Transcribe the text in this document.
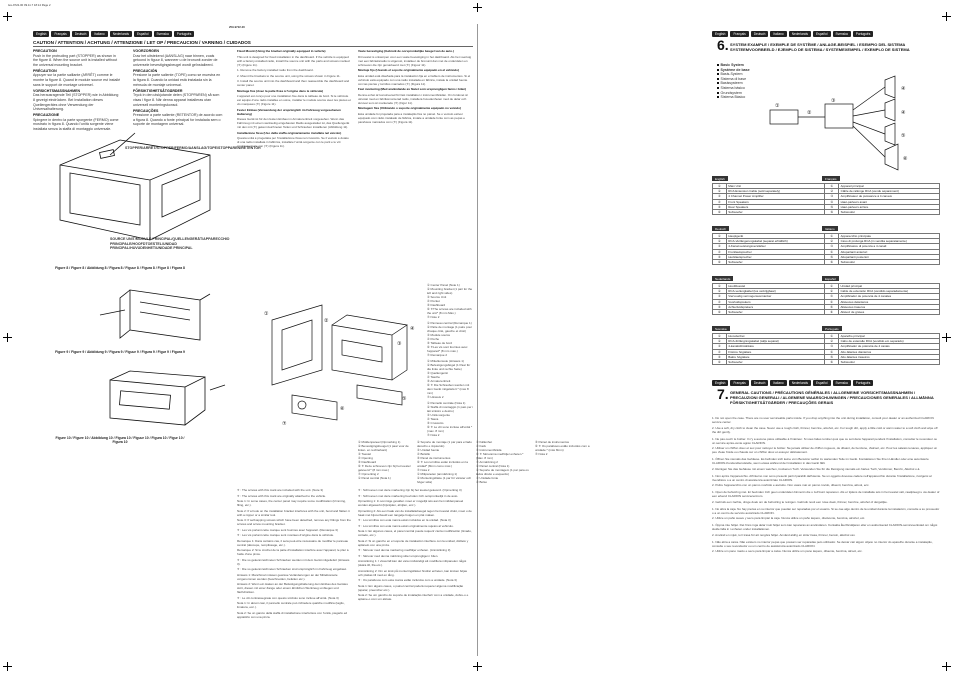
iwx-9722-00 09.11.7 18:14 Page 2
259-9722-00
English	Français	Deutsch	Italiano	Nederlands	Español	Svenska	Português
CAUTION / ATTENTION / ACHTUNG / ATTENZIONE / LET OP / PRECAUCION / VARNING / CUIDADOS

PRECAUTION
Push in the protruding part (STOPPER) as shown in the figure 8. When the source unit is installed without the universal mounting bracket.

PRÉCAUTION
Appuyer sur la partie saillante (ARRÊT) comme le montre la figure 8. Quand le module source est installé sans le support de montage universel.

VORSICHTSMASSNAHMEN
Das herausragende Teil (STOPPER) wie in Abbildung 8 gezeigt eindrücken. Bei Installation dieses Quellengerätes ohne Verwendung der Universalhalterung.

PRECAUZIONE
Spingere in dentro la parte sporgente (FERMO) come mostrato in figura 8. Quando l'unità sorgente viene installata senza la staffa di montaggio universale.

VOORZORGEN
Duw het uitstekend (AANSLAG) naar binnen, zoals getoond in figuur 8, wanneer u de bronunit zonder de universele bevestigingsbeugel wordt geïnstalleerd.

PRECAUCIÓN
Presione la parte saliente (TOPE) como se muestra en la figura 8. Cuando la unidad está instalada sin la ménsula de montaje universal.

FÖRSIKTIGHETSÅTGÄRDER
Tryck in den utskjutande delen (STOPPAREN) så som visas i figur 8. När denna apparat installeras utan universell monteringskonsol.

PRECAUÇÕES
Pressione a parte saliente (RETENTOR) de acordo com a figura 8. Quando a fonte principal for instalada sem o suporte de montagem universal.

STOPPER/ARRÊT/STOPPER/FERMO/AANSLAG/TOPE/STOPPAREN/RETENTOR
SOURCE UNIT/MODULE PRINCIPAL/QUELLENGERÄT/APPARECCHIO PRINCIPALE/HOOFDTOESTEL/UNIDAD PRINCIPAL/HUVUDENHET/UNIDADE PRINCIPAL
Figure 8 / Figure 8 / Abbildung 8 / Figura 8 / Figuur 8 / Figura 8 / Figur 8 / Figura 8
Figure 9 / Figure 9 / Abbildung 9 / Figura 9 / Figuur 9 / Figura 9 / Figur 9 / Figura 9
Figure 10 / Figure 10 / Abbildung 10 / Figura 10 / Figuur 10 / Figura 10 / Figur 10 / Figura 10

Fixed Mount (Using the bracket originally equipped in vehicle)

This unit is designed for fixed installation in the dashboard. If the vehicle is equipped with a factory-installed radio, install the source unit with the parts and screws marked (✳) (Figure 11).

1. Remove the factory-installed radio from the dashboard.

2. Mount the brackets to the source unit, using the screws shown in Figure 11.

3. Install the source unit into the dashboard and then reassemble the dashboard and center panel.

Montage fixe (Avec la patte fixée à l'origine dans le véhicule)

L'appareil est conçu pour une installation fixe dans le tableau de bord. Si le véhicule est équipé d'une radio installée en usine, installer le module source avec les pièces et vis marquées (✳) (Figure 11).

Fester Einbau (Verwendung der ursprünglich im Fahrzeug vorgesehenen Halterung)

Dieses Gerät ist für den festen Einbau im Armaturenbrett vorgesehen. Wenn das Fahrzeug mit einem werkseitig eingebauten Radio ausgestattet ist, das Quellengerät mit den mit (✳) gekennzeichneten Teilen und Schrauben installieren (Abbildung 11).

Installazione fissa (Uso della staffa originariamente installata nel veicolo)

Questa unità è progettata per l'installazione fissa nel cruscotto. Se il veicolo è dotato di una radio installata in fabbrica, installare l'unità sorgente con le parti e le viti contrassegnate con (✳) (Figura 11).

Vaste bevestiging (Gebruik de oorspronkelijke beugel van de auto.)

Dit toestel is ontworpen voor een vaste bevestiging in het dashboard. Als het voertuig met een fabrieksradio is uitgerust, installeer de bronunit dan met de onderdelen en schroeven die zijn gemarkeerd met (✳) (Figuur 11).

Montaje fijo (Usando el soporte originalmente equipado en el vehículo)

Esta unidad está diseñada para la instalación fija en el tablero de instrumentos. Si el vehículo está equipado con una radio instalada en fábrica, instale la unidad fuente con las piezas y tornillos marcados (✳) (Figura 11).

Fast montering (Med användande av fästet som ursprungligen fanns i bilen)

Denna enhet är konstruerad för fast installation i instrumentbrädan. Om fordonet är utrustat med en fabriksmonterad radio, installera huvudenheten med de delar och skruvar som är markerade (✳) (Figur 11).

Montagem fixa (Utilizando o suporte originalmente equipado no veículo)

Esta unidade foi projetada para a instalação fixa no painel. Se o veículo estiver equipado com rádio instalado de fábrica, instale a unidade fonte com as peças e parafusos marcados com (✳) (Figura 11).

①
②
③
④
⑤
⑥
⑦
① Center Panel (Note 1)
② Mounting bracket (1 pair for the left and right sides)
③ Source Unit
④ Pocket
⑤ Dashboard
⑥ ✳The screws are included with the unit* (8 mm Max.)
⑦ Note 2
① Panneau central (Remarque 1)
② Patte de montage (1 paire pour chaque côté, gauche et droit)
③ Module source
④ Poche
⑤ Tableau de bord
⑥ ✳Les vis sont fournies avec l'appareil* (8 mm max.)
⑦ Remarque 2
① Mittelkonsole (Hinweis 1)
② Befestigungsbügel (1 Paar für die linke und rechte Seite)
③ Quellengerät
④ Tasche
⑤ Armaturenbrett
⑥ ✳ Die Schrauben werden mit dem Gerät mitgeliefert.* (max 8 mm)
⑦ Hinweis 2
① Pannello centrale (Nota 1)
② Staffa di montaggio (1 paio per i lati sinistro e destro)
③ Unità sorgente
④ Tasca
⑤ Cruscotto
⑥ ✳ Le viti sono incluse all'unità * (max. 8 mm)
⑦ Nota 2

✳ : The screws with this mark are included with the unit. (Note 3)

✳ : The screws with this mark are originally attached to the vehicle.

Note 1: In some cases, the center panel may require some modification (trimming, filing, etc.).

Note 2: If a hook on the installation bracket interferes with the unit, bend and flatten it with a nipper or a similar tool.

Note 3: If self-tapping screws which have been detached, remove any fittings from the screws and screw mounting bracket.

✳ : Les vis portant cette marque sont fournies avec l'appareil. (Remarque 3)

✳ : Les vis portant cette marque sont montées d'origine dans le véhicule.

Remarque 1: Dans certains cas, il sera peut-être nécessaire de modifier le panneau central (découpe, remplissage, etc.).

Remarque 2: Si le crochet de la patte d'installation interfère avec l'appareil, le plier à l'aide d'une pince.

✳ : Die so gekennzeichneten Schrauben werden mit dem Gerät mitgeliefert (Hinweis 3).

✳ : Die so gekennzeichneten Schrauben sind ursprünglich im Fahrzeug eingebaut.

Hinweis 1: Manchmal müssen gewisse Veränderungen an der Mittelkonsole vorgenommen werden (beschneiden, befeilen etc.).

Hinweis 2: Wenn ein Haken an der Befestigungshalterung dem Einbau des Gerätes stört, diesen mit einer Zange oder einem ähnlichen Werkzeug umbiegen und flachdrücken.

✳ : Le viti contrassegnate con questo simbolo sono incluse all'unità. (Nota 3)

Nota 1: In alcuni casi, il pannello centrale può richiedere qualche modifica (taglio, limatura, ecc.).

Nota 2: Se un gancio della staffa di installazione interferisce con l'unità, piegarlo ed appiattirlo con una pinza.

✳ : Schroeven met deze markering zijn bij het toestel geleverd. (Opmerking 3)

✳ : Schroeven met deze markering bevinden zich oorspronkelijk in de auto.

Opmerking 1: In sommige gevallen moet er mogelijk iets aan het middenpaneel worden afgewerkt (bijsnijden, afvijlen, enz.).

Opmerking 2: Als een haak van de installatiebeugel tegen het toestel drukt, moet u de haak met bijvoorbeeld een tangetje buigen en plat maken.

✳ : Los tornillos con esta marca están incluidos en la unidad. (Nota 3)

✳ : Los tornillos con esta marca están originalmente sujetos al vehículo.

Nota 1: En algunos casos, el panel central puede requerir cierta modificación (limado, cortado, etc.).

Nota 2: Si un gancho en el soporte de instalación interfiere con la unidad, dóblelo y aplánelo con una pinza.

✳ : Skruvar med denna markering medföljer enheten. (Anmärkning 3)

✳ : Skruvar med denna märkning sitter ursprungligen i bilen.

Anmärkning 1: I vissa fall kan det vara nödvändigt att modifiera mittpanelen något (skära till, fila etc.).

Anmärkning 2: Om en krok på monteringsfästet hindrar enheten, kan kroken böjas och plattas till med en tång.

✳ : Os parafusos com esta marca estão incluídos com a unidade. (Nota 3)

Nota 1: Em alguns casos, o painel central poderá requerer alguma modificação (aparar, preencher etc.).

Nota 2: Se um gancho do suporte de instalação interferir com a unidade, dobre-o e aplaine-o com um alicate.

English	Français	Deutsch	Italiano	Nederlands	Español	Svenska	Português
6. SYSTEM EXAMPLE / EXEMPLE DE SYSTÈME / ANLAGE-BEISPIEL / ESEMPIO DEL SISTEMA SYSTEEMVOORBEELD / EJEMPLO DE SISTEMA / SYSTEMEXEMPEL / EXEMPLO DE SISTEMA
Basic System
Système de base
Basis-System
Sistema di base
Basissysteem
Sistema básico
Grundsystem
Sistema Básico
①
②
③
④
④
⑤
⑥
English	Français
①	Main Unit	①	Appareil principal
②	RCA Extension Cable (sold separately)	②	Câble de rallonge RCA (vendu séparément)
③	4 Channel Power Amplifier	③	Amplificateur de puissance à 4 canaux
④	Front Speakers	④	Haut-parleurs avant
⑤	Rear Speakers	⑤	Haut-parleurs arrière
⑥	Subwoofer	⑥	Subwoofer
Deutsch	Italiano
①	Hauptgerät	①	Apparecchio principale
②	RCA-Verlängerungskabel (separat erhältlich)	②	Cavo di prolunga RCA (in vendita separatamente)
③	4-Kanal-Leistungsverstärker	③	Amplificatore di potenza a 4 canali
④	Frontlautsprecher	④	Altoparlanti anteriori
⑤	Hecklautsprecher	⑤	Altoparlanti posteriori
⑥	Subwoofer	⑥	Subwoofer
Nederlands	Español
①	Hoofdtoestel	①	Unidad principal
②	RCA-verlengkabel (los verkrijgbaar)	②	Cable de extensión RCA (vendido separadamente)
③	Viervoudig vermogensversterker	③	Amplificador de potencia de 4 canales
④	Voorluidsprekers	④	Altavoces delanteros
⑤	Achterluidsprekers	⑤	Altavoces traseros
⑥	Subwoofer	⑥	Altavoz de graves
Svenska	Português
①	Huvudenhet	①	Aparelho principal
②	RCA-förlängningskabel (säljs separat)	②	Cabo de extensão RCA (vendido em separado)
③	4-kanalsförstärkare	③	Amplificador de potência de 4 canais
④	Främre högtalare	④	Alto-falantes dianteiros
⑤	Bakre högtalare	⑤	Alto-falantes traseiros
⑥	Subwoofer	⑥	Subwoofer
English	Français	Deutsch	Italiano	Nederlands	Español	Svenska	Português
7. GENERAL CAUTIONS / PRÉCAUTIONS GÉNÉRALES / ALLGEMEINE VORSICHTSMASSNAHMEN / PRECAUZIONI GENERALI / ALGEMENE WAARSCHUWINGEN / PRECAUCIONES GENERALES / ALLMÄNNA FÖRSIKTIGHETSÅTGÄRDER / PRECAUÇÕES GERAIS

1. Do not open the case. There are no user serviceable parts inside. If you drop anything into the unit during installation, consult your dealer or an authorized CLARION service center.

2. Use a soft, dry cloth to clean the case. Never use a rough cloth, thinner, benzine, alcohol, etc. For tough dirt, apply a little cold or warm water to a soft cloth and wipe off the dirt gently.

1. Ne pas ouvrir le boîtier. Il n'y a aucune pièce utilisable à l'intérieur. Si vous faites tomber quoi que ce soit dans l'appareil pendant l'installation, consulter le revendeur ou un service après-vente agréé CLARION.

2. Utiliser un chiffon doux et sec pour nettoyer le boîtier. Ne jamais utiliser de chiffon rugueux, de diluant, de benzène, d'alcool, etc. Pour les saletés tenaces, appliquer un peu d'eau froide ou chaude sur un chiffon doux et essuyer délicatement.

1. Öffnen Sie niemals das Gehäuse. Es befinden sich keine vom Benutzer selbst zu wartenden Teile im Gerät. Kontaktieren Sie Ihren Händler oder eine autorisierte CLARION-Kundendienststelle, wenn etwas während der Installation in das Gerät fällt.

2. Reinigen Sie das Gehäuse mit einem weichen, trockenen Tuch. Verwenden Sie für die Reinigung niemals ein hartes Tuch, Verdünner, Benzin, Alkohol o.ä.

1. Non aprire l'apparecchio. All'interno non sono presenti parti riparabili dall'utente. Se un oggetto dovesse cadere nell'apparecchio durante l'installazione, rivolgersi al rivenditore o a un centro di assistenza autorizzato CLARION.

2. Pulire l'apparecchio con un panno morbido e asciutto. Non usare mai un panno ruvido, diluenti, benzina, alcool, ecc.

1. Open de behuizing niet. Er bevinden zich geen onderdelen binnenin die u zelf kunt repareren. Als er tijdens de installatie iets in het toestel valt, raadpleegt u uw dealer of een erkend CLARION servicecentrum.

2. Gebruik een zachte, droge doek om de behuizing te reinigen. Gebruik nooit een ruwe doek, thinner, benzine, alcohol of dergelijke.

1. No abra la caja. No hay piezas en su interior que puedan ser reparadas por el usuario. Si se cae algo dentro de la unidad durante la instalación, consulte a su proveedor o a un centro de servicio autorizado CLARION.

2. Utilice un paño suave y seco para limpiar la caja. Nunca utilice un paño áspero, disolvente, bencina, alcohol, etc.

1. Öppna inte höljet. Det finns inga delar inuti höljet som kan repareras av användaren. Kontakta återförsäljaren eller en auktoriserad CLARION-serviceverkstad om något skulle falla in i enheten under installationen.

2. Använd en mjuk, torr trasa för att rengöra höljet. Använd aldrig en sträv trasa, thinner, bensin, alkohol osv.

1. Não abra a caixa. Não existem no interior peças que possam ser reparadas pelo utilizador. Se deixar cair algum objeto no interior do aparelho durante a instalação, consulte o seu revendedor ou um centro de assistência autorizado CLARION.

2. Utilize um pano macio e seco para limpar a caixa. Nunca utilize um pano áspero, diluente, benzina, álcool, etc.

① Middenpaneel (Opmerking 1)
② Bevestigingsbeugel (1 paar voor de linker- en rechterkant)
③ Toestel
④ Opening
⑤ Dashboard
⑥ ✳ Deze schroeven zijn bij het toestel geleverd.* (8 mm max.)
⑦ Opmerking 2
① Panel central (Nota 1)
② Soporte de montaje (1 par para el lado derecho e izquierdo)
③ Unidad fuente
④ Bolsillo
⑤ Panel de instrumentos
⑥ ✳ Los tornillos están incluidos en la unidad* (8mm como máx.)
⑦ Nota 2
① Mittpanelen (anmärkning 1)
② Monteringsfäste (1 par för vänster och höger sida)
③ Källenhet
④ Fack
⑤ Instrumentbräda
⑥ ✳ Skruvarna medföljer enheten.* (Max. 8 mm)
⑦ Anmärkning 2
① Painel central (Nota 1)
② Suporte de montagem (1 par para os lados direito e esquerdo)
③ Unidade fonte
④ Bolso
⑤ Painel de instrumentos
⑥ ✳ Os parafusos estão incluídos com a unidade.* (máx 8mm)
⑦ Nota 2
